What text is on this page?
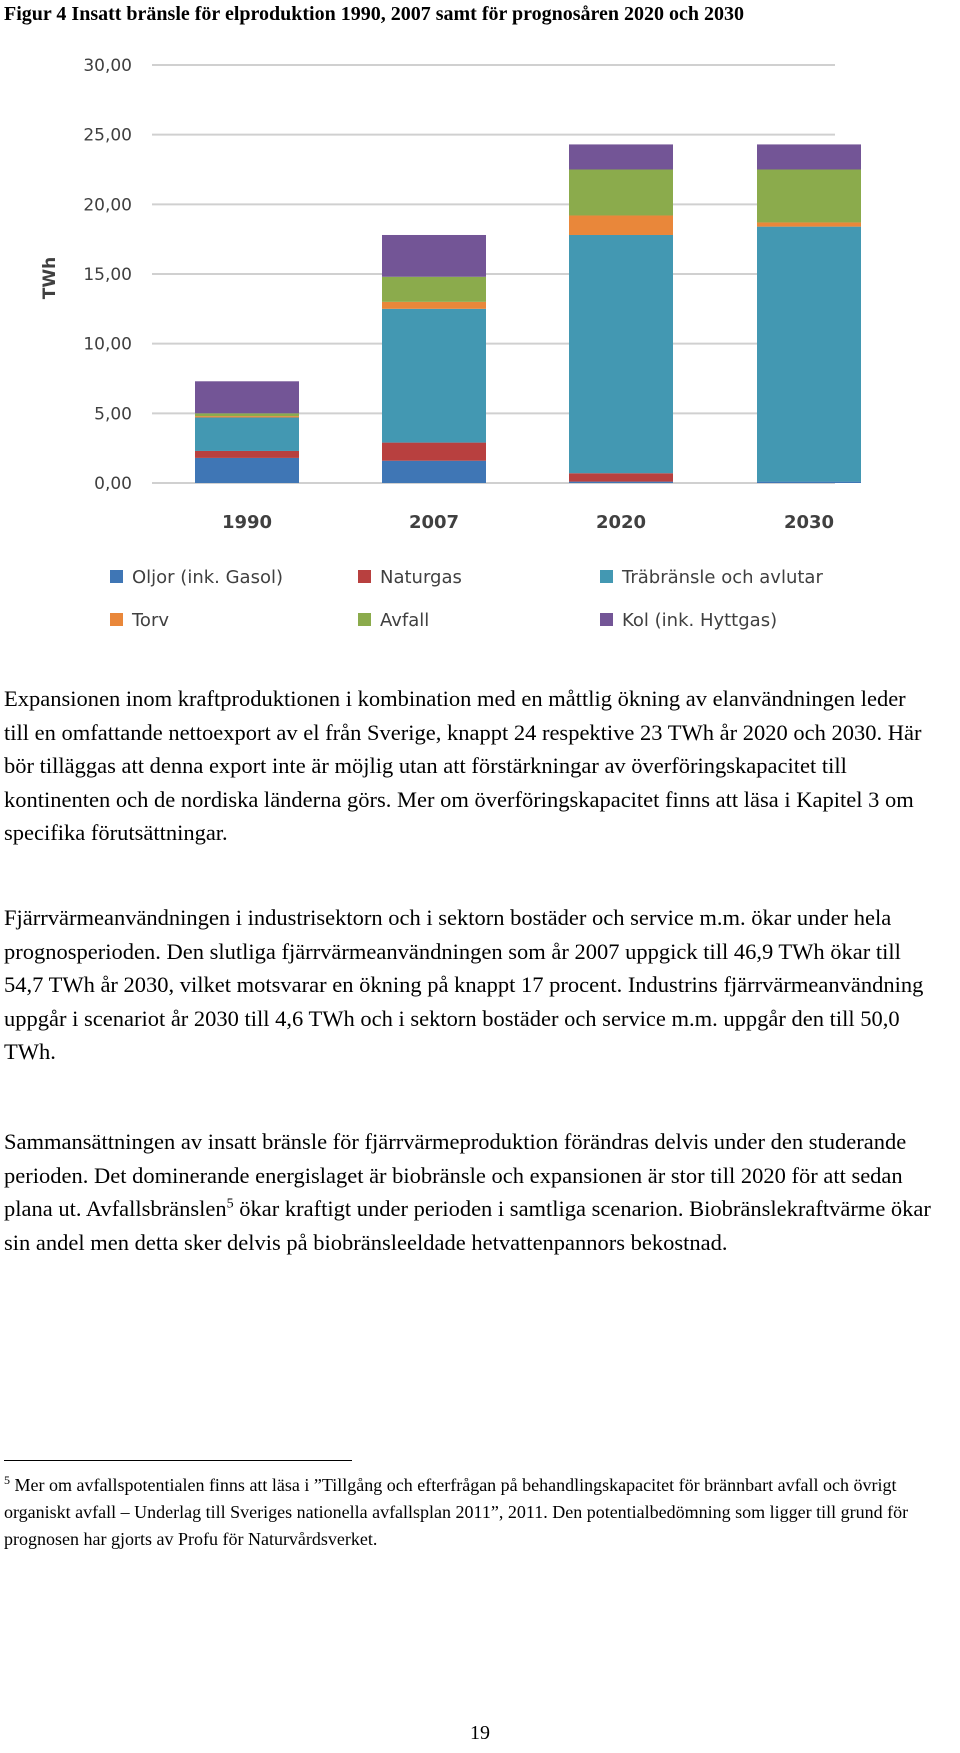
Figur 4 Insatt bränsle för elproduktion 1990, 2007 samt för prognosåren 2020 och 2030
0,00
5,00
10,00
15,00
20,00
25,00
30,00
1990	2007	2020	2030
TWh
Oljor (ink. Gasol)	Naturgas	Träbränsle och avlutar
Torv	Avfall	Kol (ink. Hyttgas)

Expansionen inom kraftproduktionen i kombination med en måttlig ökning av elanvändningen leder till en omfattande nettoexport av el från Sverige, knappt 24 respektive 23 TWh år 2020 och 2030. Här bör tilläggas att denna export inte är möjlig utan att förstärkningar av överföringskapacitet till kontinenten och de nordiska länderna görs. Mer om överföringskapacitet finns att läsa i Kapitel 3 om specifika förutsättningar.

Fjärrvärmeanvändningen i industrisektorn och i sektorn bostäder och service m.m. ökar under hela prognosperioden. Den slutliga fjärrvärmeanvändningen som år 2007 uppgick till 46,9 TWh ökar till 54,7 TWh år 2030, vilket motsvarar en ökning på knappt 17 procent. Industrins fjärrvärmeanvändning uppgår i scenariot år 2030 till 4,6 TWh och i sektorn bostäder och service m.m. uppgår den till 50,0 TWh.

Sammansättningen av insatt bränsle för fjärrvärmeproduktion förändras delvis under den studerande perioden. Det dominerande energislaget är biobränsle och expansionen är stor till 2020 för att sedan plana ut. Avfallsbränslen$^5$ ökar kraftigt under perioden i samtliga scenarion. Biobränslekraftvärme ökar sin andel men detta sker delvis på biobränsleeldade hetvattenpannors bekostnad.

$^5$ Mer om avfallspotentialen finns att läsa i ”Tillgång och efterfrågan på behandlingskapacitet för brännbart avfall och övrigt organiskt avfall – Underlag till Sveriges nationella avfallsplan 2011”, 2011. Den potentialbedömning som ligger till grund för prognosen har gjorts av Profu för Naturvårdsverket.

19
